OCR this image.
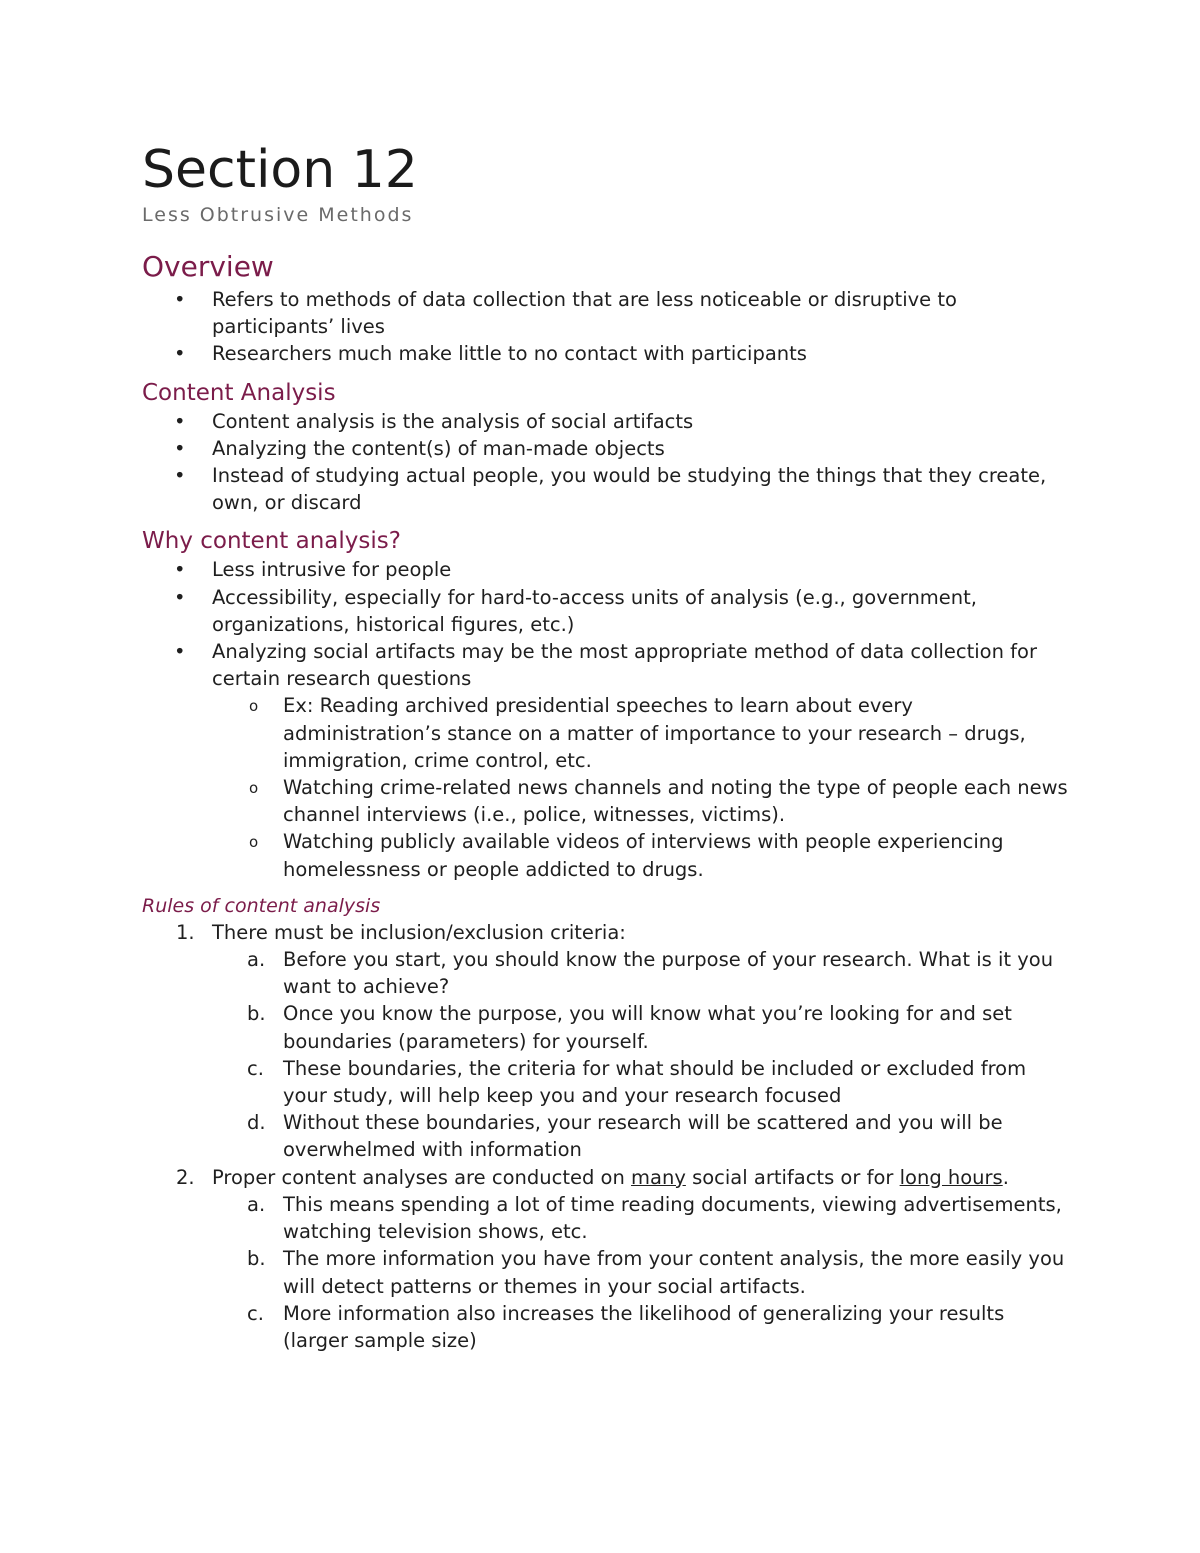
Section 12
Less Obtrusive Methods
Overview
• Refers to methods of data collection that are less noticeable or disruptive to participants’ lives
• Researchers much make little to no contact with participants
Content Analysis
• Content analysis is the analysis of social artifacts
• Analyzing the content(s) of man-made objects
• Instead of studying actual people, you would be studying the things that they create, own, or discard
Why content analysis?
• Less intrusive for people
• Accessibility, especially for hard-to-access units of analysis (e.g., government, organizations, historical figures, etc.)
• Analyzing social artifacts may be the most appropriate method of data collection for certain research questions
o Ex: Reading archived presidential speeches to learn about every administration’s stance on a matter of importance to your research – drugs, immigration, crime control, etc.
o Watching crime-related news channels and noting the type of people each news channel interviews (i.e., police, witnesses, victims).
o Watching publicly available videos of interviews with people experiencing homelessness or people addicted to drugs.
Rules of content analysis
1. There must be inclusion/exclusion criteria:
a. Before you start, you should know the purpose of your research. What is it you want to achieve?
b. Once you know the purpose, you will know what you’re looking for and set boundaries (parameters) for yourself.
c. These boundaries, the criteria for what should be included or excluded from your study, will help keep you and your research focused
d. Without these boundaries, your research will be scattered and you will be overwhelmed with information
2. Proper content analyses are conducted on many social artifacts or for long hours.
a. This means spending a lot of time reading documents, viewing advertisements, watching television shows, etc.
b. The more information you have from your content analysis, the more easily you will detect patterns or themes in your social artifacts.
c. More information also increases the likelihood of generalizing your results (larger sample size)
